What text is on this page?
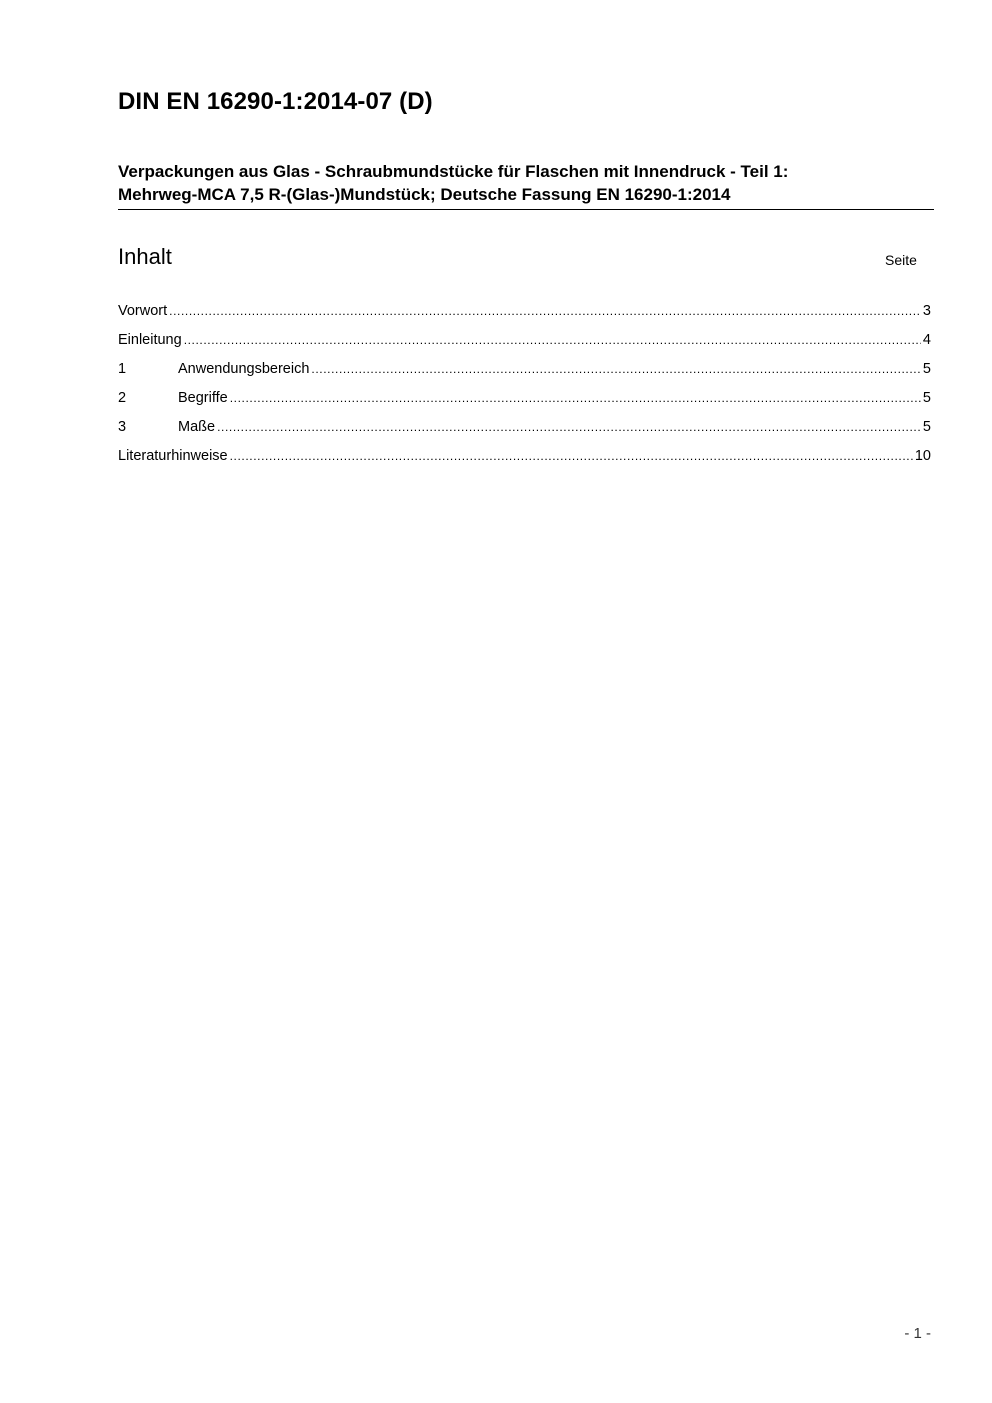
DIN EN 16290-1:2014-07 (D)
Verpackungen aus Glas - Schraubmundstücke für Flaschen mit Innendruck - Teil 1:
Mehrweg-MCA 7,5 R-(Glas-)Mundstück; Deutsche Fassung EN 16290-1:2014
Inhalt	Seite
Vorwort .....	3
Einleitung .....	4
1	Anwendungsbereich .....	5
2	Begriffe .....	5
3	Maße .....	5
Literaturhinweise .....	10
- 1 -
